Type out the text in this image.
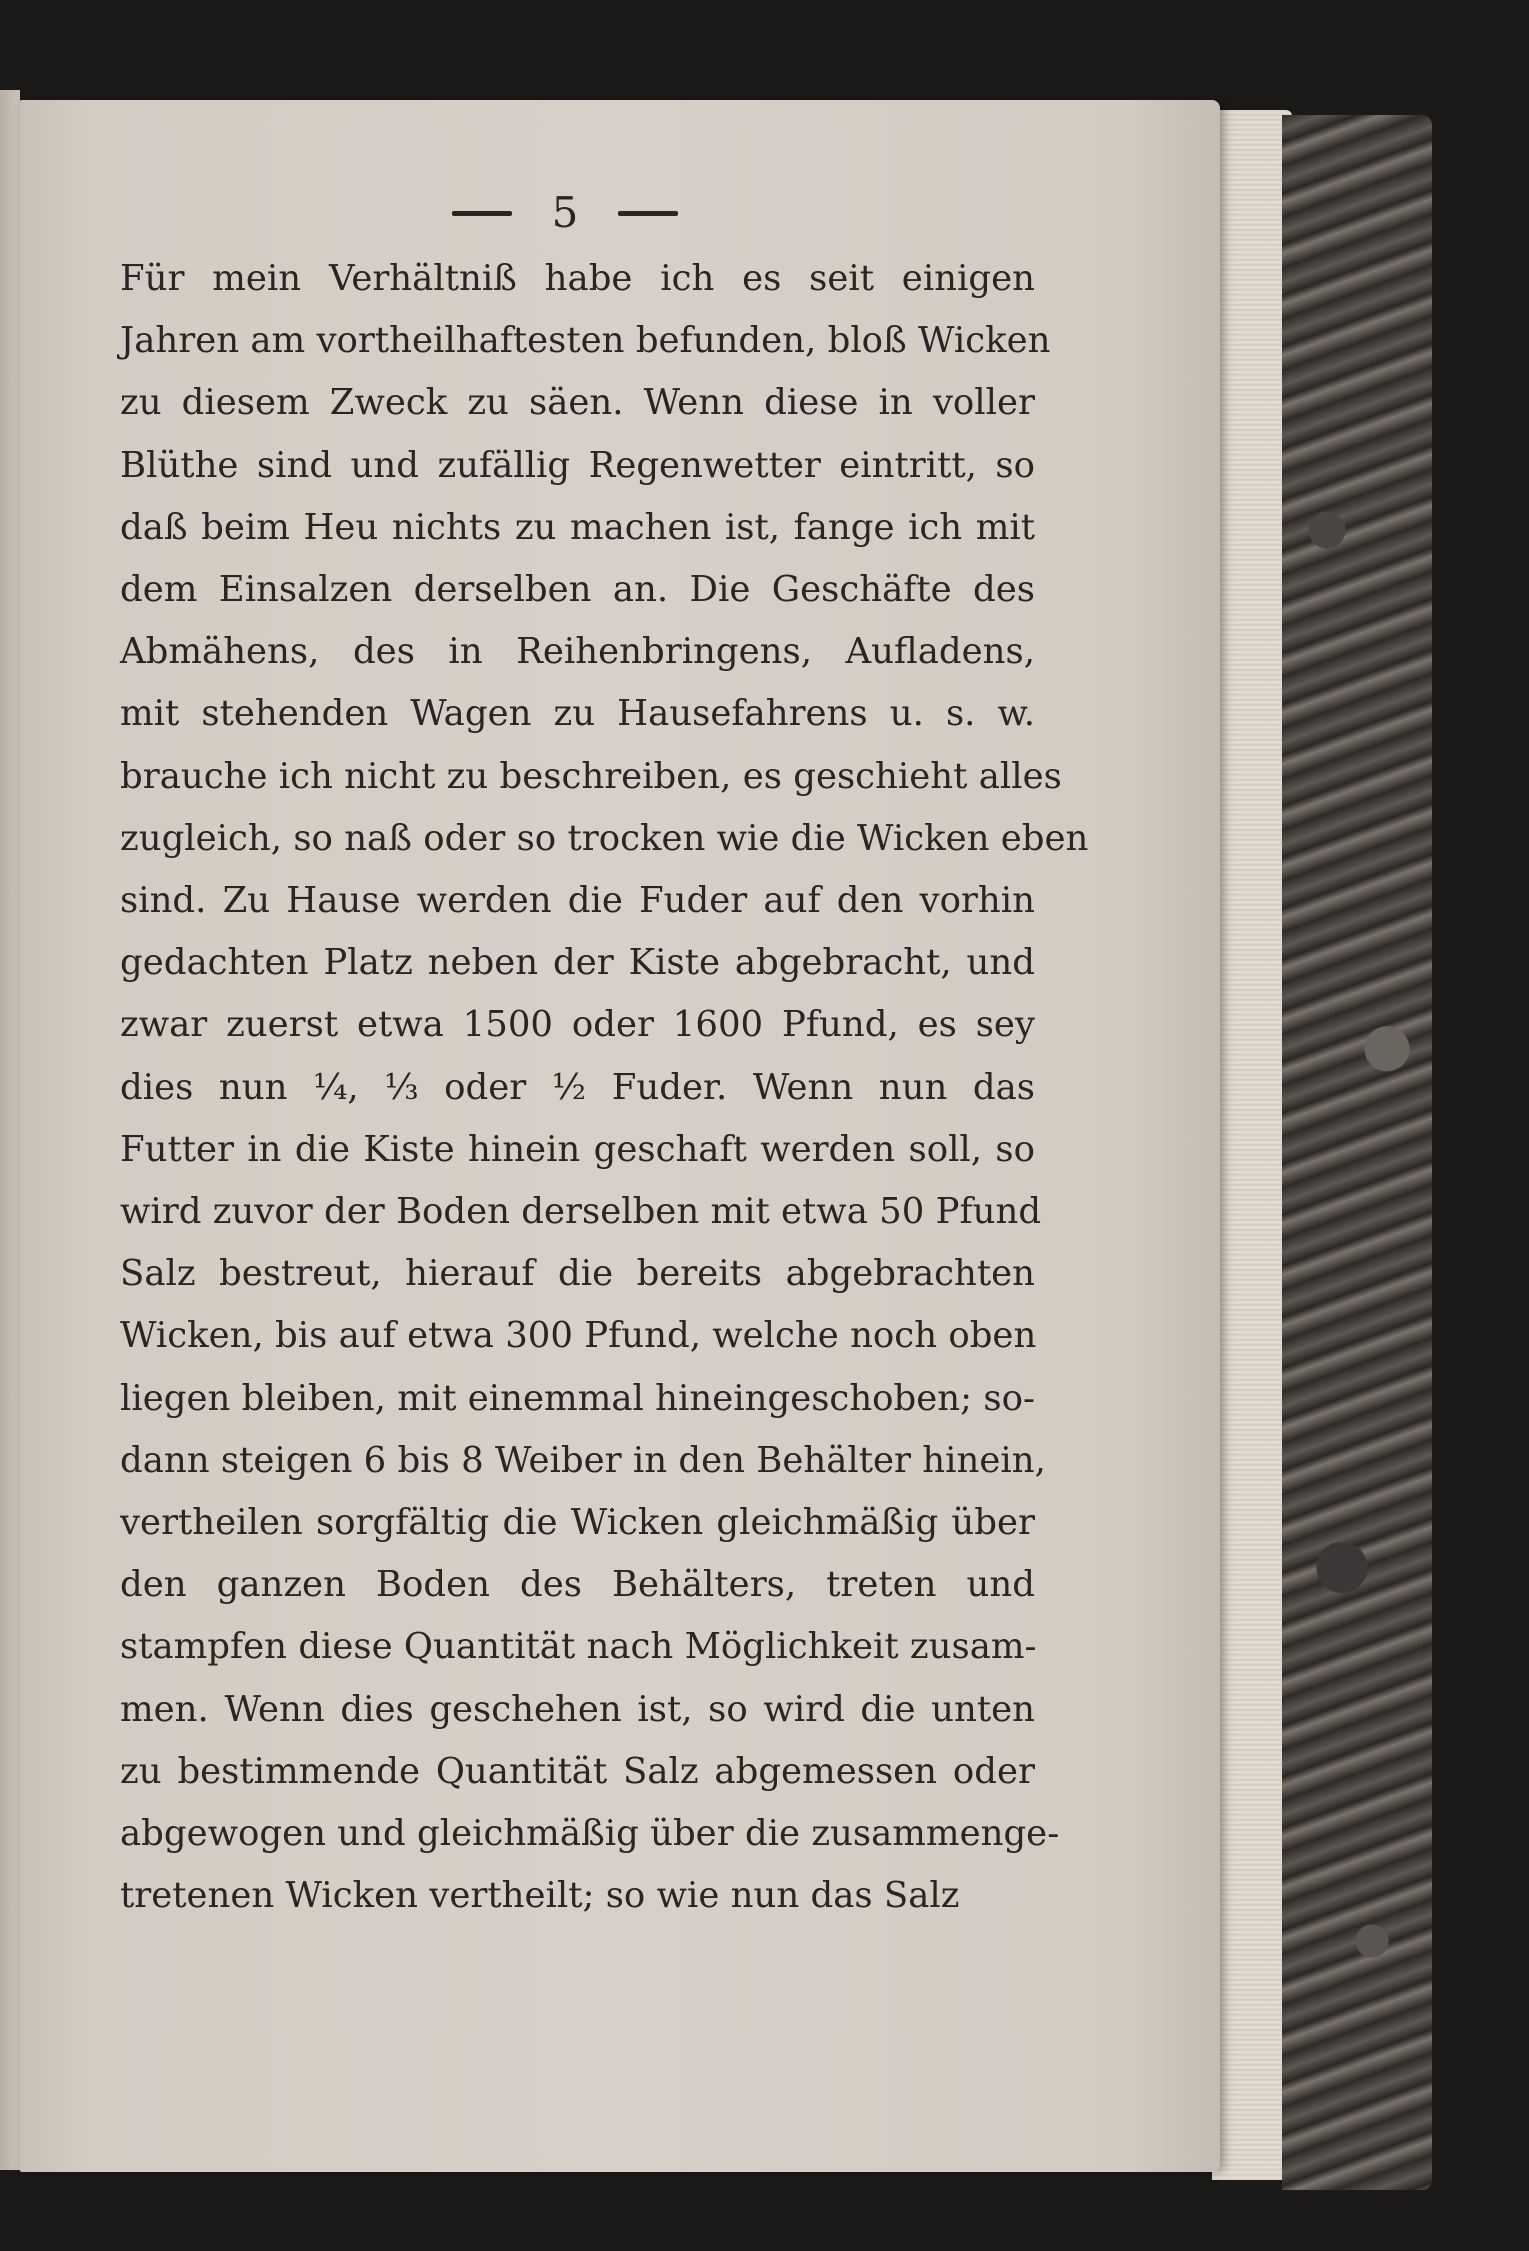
5
Für mein Verhältniß habe ich es seit einigen
Jahren am vortheilhaftesten befunden, bloß Wicken
zu diesem Zweck zu säen. Wenn diese in voller
Blüthe sind und zufällig Regenwetter eintritt, so
daß beim Heu nichts zu machen ist, fange ich mit
dem Einsalzen derselben an. Die Geschäfte des
Abmähens, des in Reihenbringens, Aufladens,
mit stehenden Wagen zu Hausefahrens u. s. w.
brauche ich nicht zu beschreiben, es geschieht alles
zugleich, so naß oder so trocken wie die Wicken eben
sind. Zu Hause werden die Fuder auf den vorhin
gedachten Platz neben der Kiste abgebracht, und
zwar zuerst etwa 1500 oder 1600 Pfund, es sey
dies nun ¼, ⅓ oder ½ Fuder. Wenn nun das
Futter in die Kiste hinein geschaft werden soll, so
wird zuvor der Boden derselben mit etwa 50 Pfund
Salz bestreut, hierauf die bereits abgebrachten
Wicken, bis auf etwa 300 Pfund, welche noch oben
liegen bleiben, mit einemmal hineingeschoben; so-
dann steigen 6 bis 8 Weiber in den Behälter hinein,
vertheilen sorgfältig die Wicken gleichmäßig über
den ganzen Boden des Behälters, treten und
stampfen diese Quantität nach Möglichkeit zusam-
men. Wenn dies geschehen ist, so wird die unten
zu bestimmende Quantität Salz abgemessen oder
abgewogen und gleichmäßig über die zusammenge-
tretenen Wicken vertheilt; so wie nun das Salz
